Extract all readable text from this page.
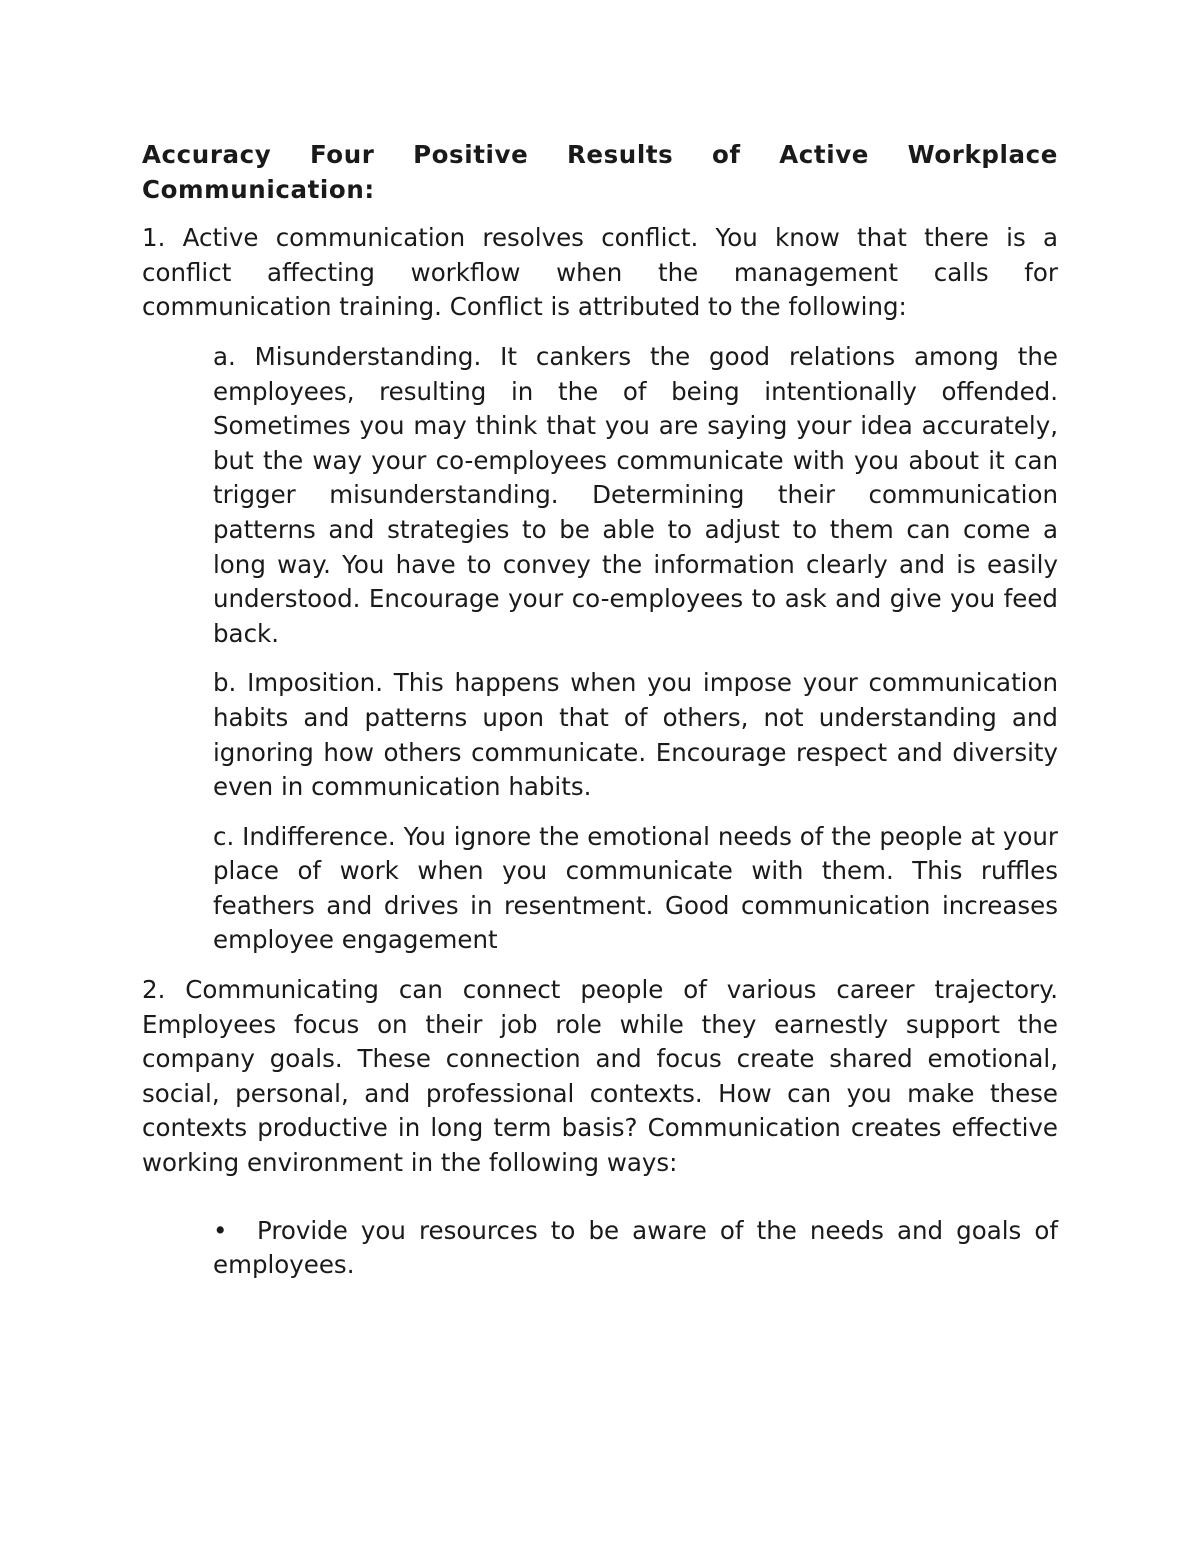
Accuracy Four Positive Results of Active Workplace Communication:

1. Active communication resolves conflict. You know that there is a conflict affecting workflow when the management calls for communication training. Conflict is attributed to the following:

a. Misunderstanding. It cankers the good relations among the employees, resulting in the of being intentionally offended. Sometimes you may think that you are saying your idea accurately, but the way your co-employees communicate with you about it can trigger misunderstanding. Determining their communication patterns and strategies to be able to adjust to them can come a long way. You have to convey the information clearly and is easily understood. Encourage your co-employees to ask and give you feed back.

b. Imposition. This happens when you impose your communication habits and patterns upon that of others, not understanding and ignoring how others communicate. Encourage respect and diversity even in communication habits.

c. Indifference. You ignore the emotional needs of the people at your place of work when you communicate with them. This ruffles feathers and drives in resentment. Good communication increases employee engagement

2. Communicating can connect people of various career trajectory. Employees focus on their job role while they earnestly support the company goals. These connection and focus create shared emotional, social, personal, and professional contexts. How can you make these contexts productive in long term basis? Communication creates effective working environment in the following ways:

• Provide you resources to be aware of the needs and goals of employees.
